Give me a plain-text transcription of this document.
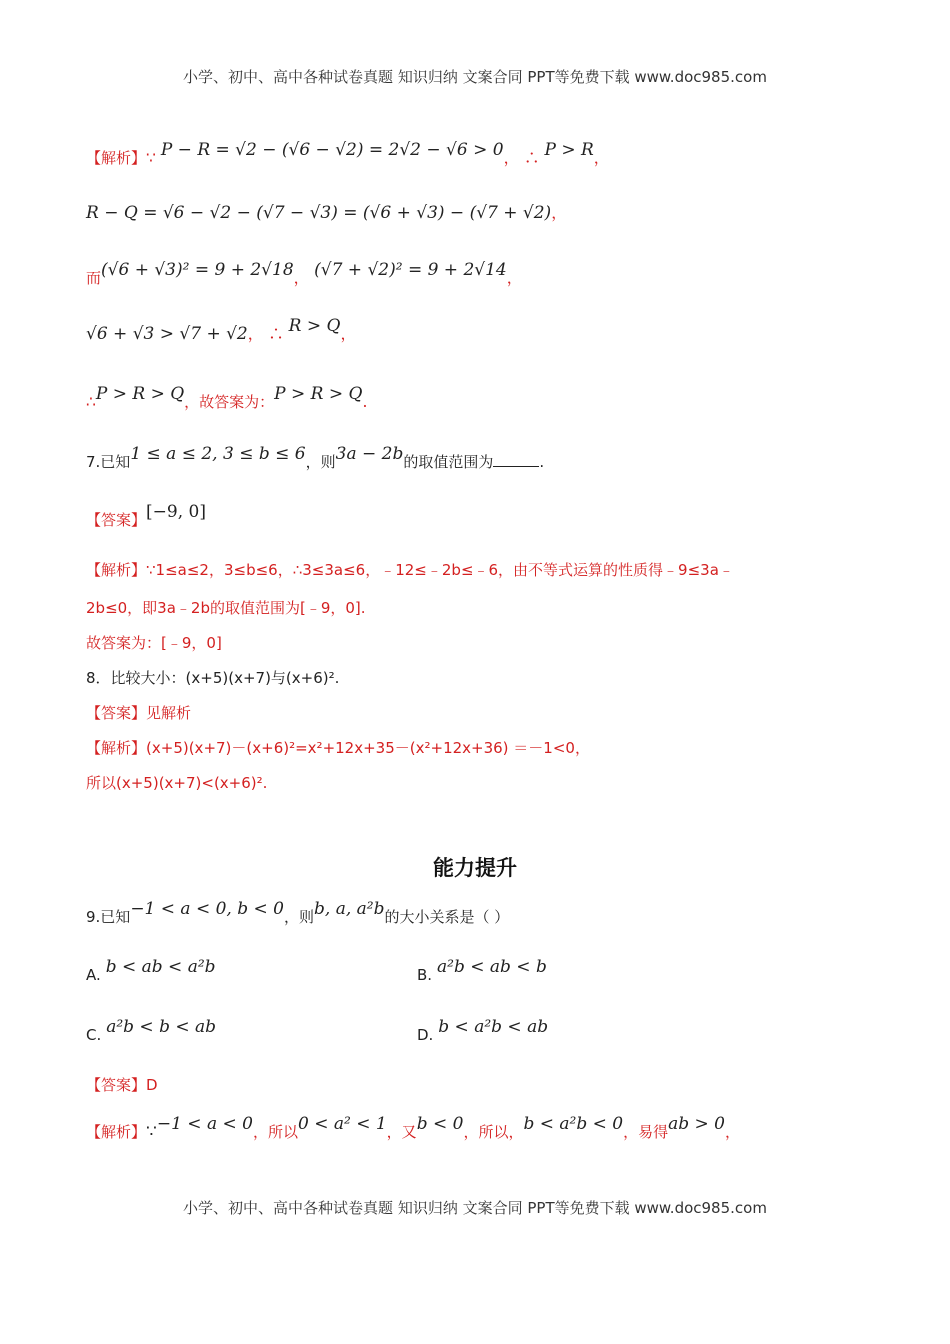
小学、初中、高中各种试卷真题 知识归纳 文案合同 PPT等免费下载 www.doc985.com
【解析】∵ P − R = √2 − (√6 − √2) = 2√2 − √6 > 0， ∴ P > R，
R − Q = √6 − √2 − (√7 − √3) = (√6 + √3) − (√7 + √2)，
而(√6 + √3)² = 9 + 2√18， (√7 + √2)² = 9 + 2√14，
√6 + √3 > √7 + √2， ∴ R > Q，
∴P > R > Q，故答案为：P > R > Q.
7.已知1 ≤ a ≤ 2, 3 ≤ b ≤ 6，则3a − 2b的取值范围为	.
【答案】[−9, 0]
【解析】∵1≤a≤2，3≤b≤6，∴3≤3a≤6，﹣12≤﹣2b≤﹣6，由不等式运算的性质得﹣9≤3a﹣
2b≤0，即3a﹣2b的取值范围为[﹣9，0].
故答案为：[﹣9，0]
8．比较大小：(x+5)(x+7)与(x+6)².
【答案】见解析
【解析】(x+5)(x+7)－(x+6)²=x²+12x+35－(x²+12x+36) ＝－1<0，
所以(x+5)(x+7)<(x+6)².
能力提升
9.已知−1 < a < 0, b < 0，则b, a, a²b的大小关系是（ ）
A. b < ab < a²b	B. a²b < ab < b
C. a²b < b < ab	D. b < a²b < ab
【答案】D
【解析】∵−1 < a < 0，所以0 < a² < 1，又b < 0，所以，b < a²b < 0，易得ab > 0，
小学、初中、高中各种试卷真题 知识归纳 文案合同 PPT等免费下载 www.doc985.com
